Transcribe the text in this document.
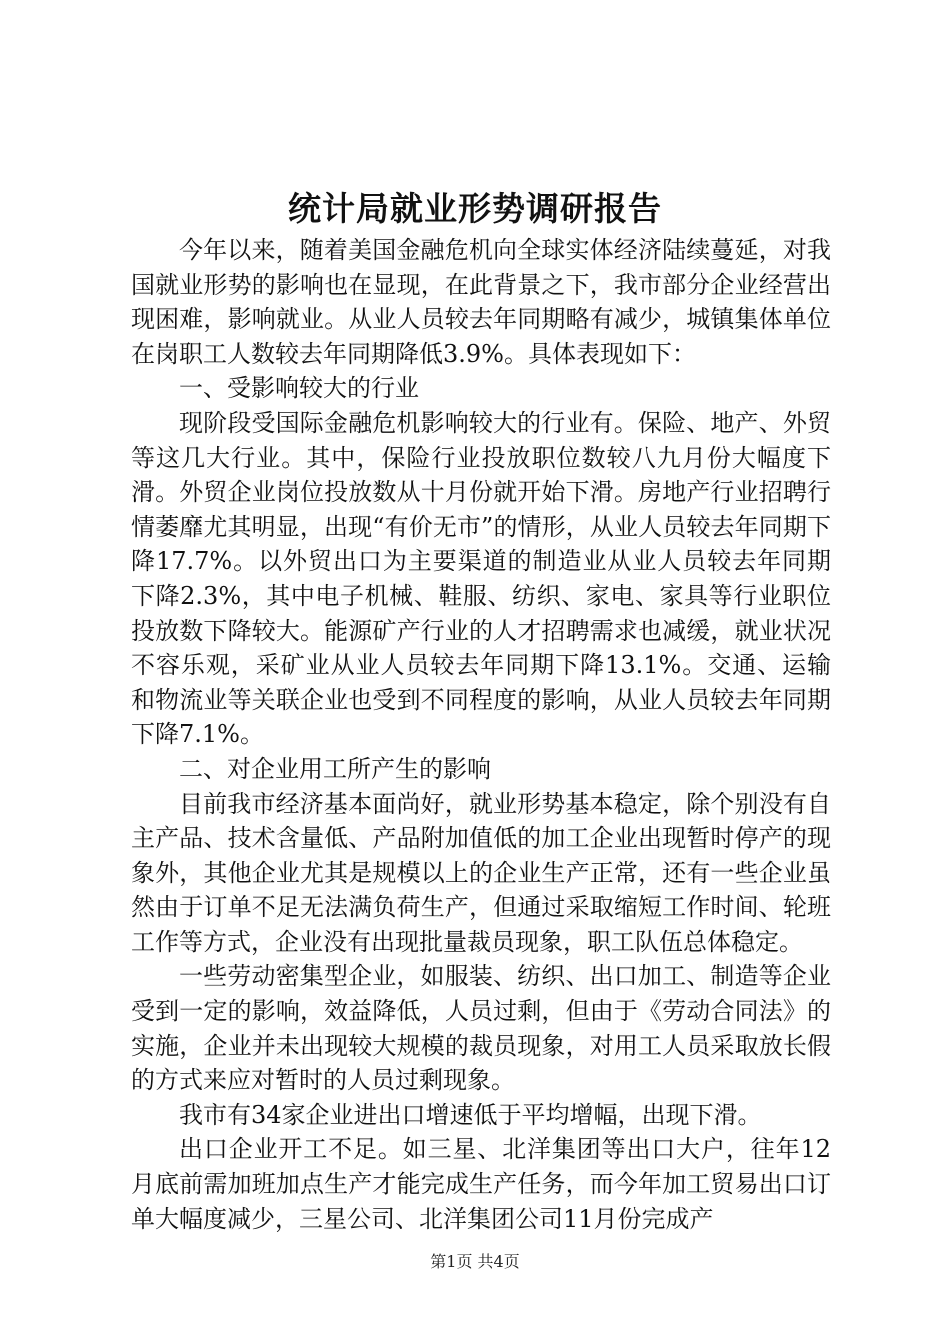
统计局就业形势调研报告

今年以来，随着美国金融危机向全球实体经济陆续蔓延，对我国就业形势的影响也在显现，在此背景之下，我市部分企业经营出现困难，影响就业。从业人员较去年同期略有减少，城镇集体单位在岗职工人数较去年同期降低3.9%。具体表现如下：

一、受影响较大的行业

现阶段受国际金融危机影响较大的行业有。保险、地产、外贸等这几大行业。其中，保险行业投放职位数较八九月份大幅度下滑。外贸企业岗位投放数从十月份就开始下滑。房地产行业招聘行情萎靡尤其明显，出现“有价无市”的情形，从业人员较去年同期下降17.7%。以外贸出口为主要渠道的制造业从业人员较去年同期下降2.3%，其中电子机械、鞋服、纺织、家电、家具等行业职位投放数下降较大。能源矿产行业的人才招聘需求也减缓，就业状况不容乐观，采矿业从业人员较去年同期下降13.1%。交通、运输和物流业等关联企业也受到不同程度的影响，从业人员较去年同期下降7.1%。

二、对企业用工所产生的影响

目前我市经济基本面尚好，就业形势基本稳定，除个别没有自主产品、技术含量低、产品附加值低的加工企业出现暂时停产的现象外，其他企业尤其是规模以上的企业生产正常，还有一些企业虽然由于订单不足无法满负荷生产，但通过采取缩短工作时间、轮班工作等方式，企业没有出现批量裁员现象，职工队伍总体稳定。

一些劳动密集型企业，如服装、纺织、出口加工、制造等企业受到一定的影响，效益降低，人员过剩，但由于《劳动合同法》的实施，企业并未出现较大规模的裁员现象，对用工人员采取放长假的方式来应对暂时的人员过剩现象。

我市有34家企业进出口增速低于平均增幅，出现下滑。

出口企业开工不足。如三星、北洋集团等出口大户，往年12月底前需加班加点生产才能完成生产任务，而今年加工贸易出口订单大幅度减少，三星公司、北洋集团公司11月份完成产

第1页 共4页
